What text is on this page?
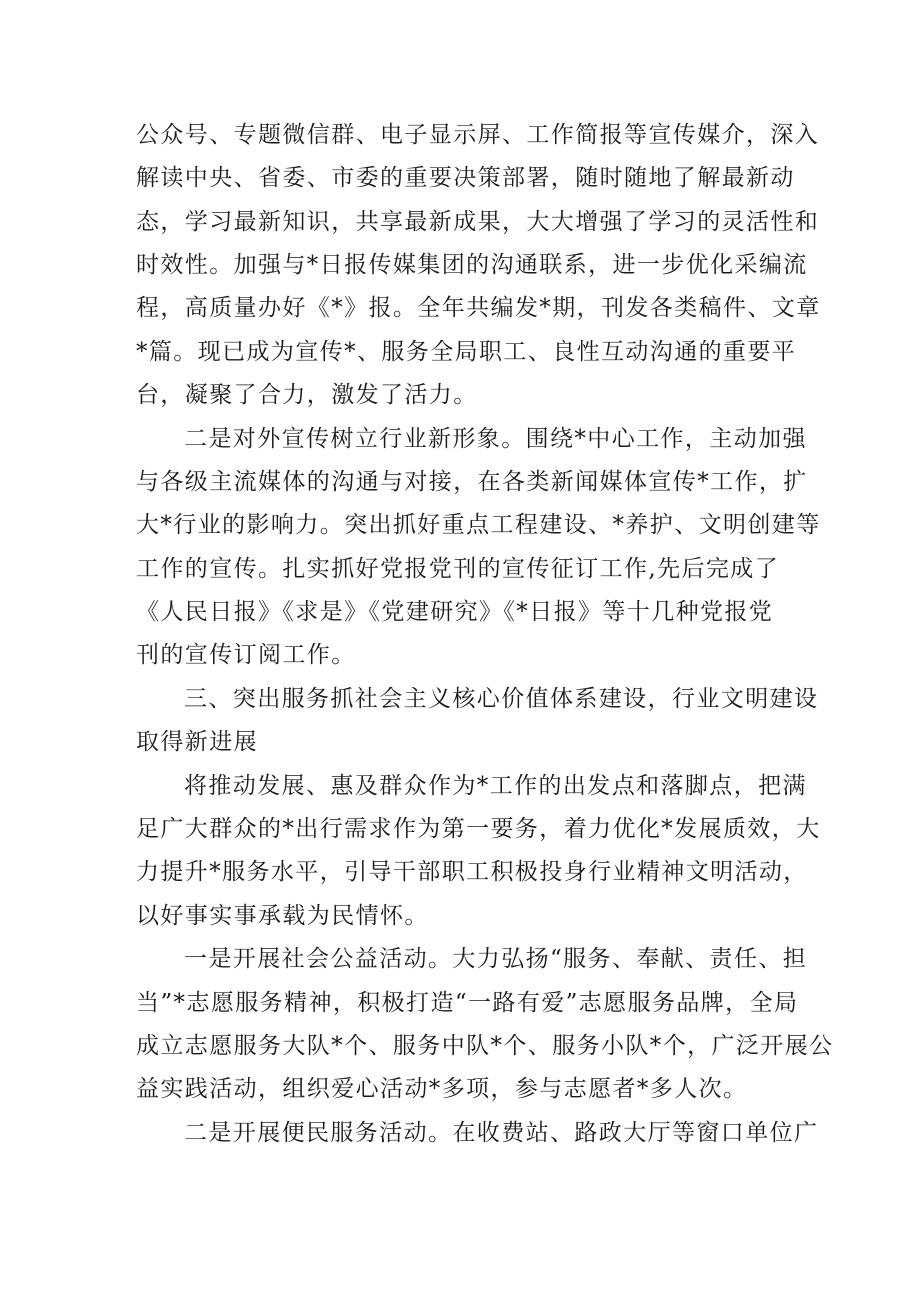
公众号、专题微信群、电子显示屏、工作简报等宣传媒介，深入
解读中央、省委、市委的重要决策部署，随时随地了解最新动
态，学习最新知识，共享最新成果，大大增强了学习的灵活性和
时效性。加强与*日报传媒集团的沟通联系，进一步优化采编流
程，高质量办好《*》报。全年共编发*期，刊发各类稿件、文章
*篇。现已成为宣传*、服务全局职工、良性互动沟通的重要平
台，凝聚了合力，激发了活力。
二是对外宣传树立行业新形象。围绕*中心工作，主动加强
与各级主流媒体的沟通与对接，在各类新闻媒体宣传*工作，扩
大*行业的影响力。突出抓好重点工程建设、*养护、文明创建等
工作的宣传。扎实抓好党报党刊的宣传征订工作,先后完成了
《人民日报》《求是》《党建研究》《*日报》等十几种党报党
刊的宣传订阅工作。
三、突出服务抓社会主义核心价值体系建设，行业文明建设
取得新进展
将推动发展、惠及群众作为*工作的出发点和落脚点，把满
足广大群众的*出行需求作为第一要务，着力优化*发展质效，大
力提升*服务水平，引导干部职工积极投身行业精神文明活动，
以好事实事承载为民情怀。
一是开展社会公益活动。大力弘扬“服务、奉献、责任、担
当”*志愿服务精神，积极打造“一路有爱”志愿服务品牌，全局
成立志愿服务大队*个、服务中队*个、服务小队*个，广泛开展公
益实践活动，组织爱心活动*多项，参与志愿者*多人次。
二是开展便民服务活动。在收费站、路政大厅等窗口单位广
